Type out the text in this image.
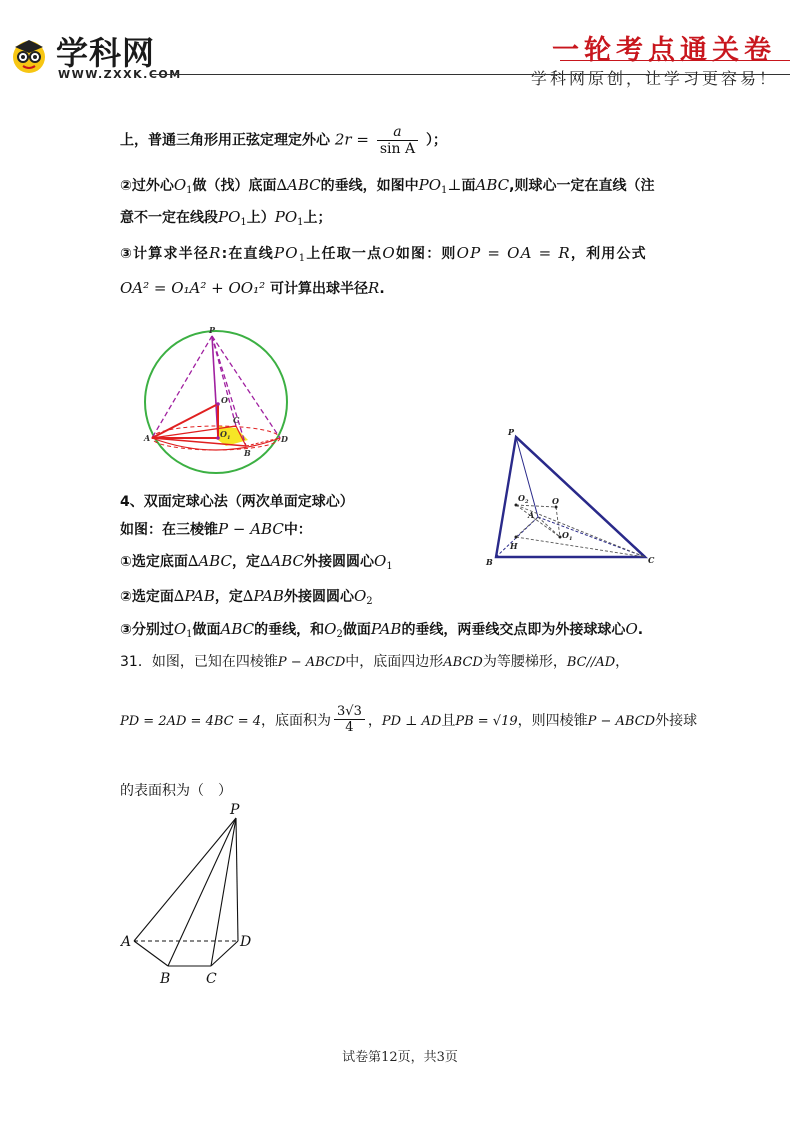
学科网
WWW.ZXXK.COM
一轮考点通关卷
学科网原创，让学习更容易！
上，普通三角形用正弦定理定外心 $2r = \frac{a}{\text{sin A}}$ ）；
②过外心$O_1$做（找）底面∆ABC的垂线，如图中$PO_1\perp$面ABC,则球心一定在直线（注
意不一定在线段$PO_1$上）$PO_1$上；
③计算求半径R:在直线$PO_1$上任取一点O如图：则OP = OA = R，利用公式
OA² = O₁A² + OO₁² 可计算出球半径R.
P
O
C
A	$O_1$
B
D
P
$O_2$	O
A
$O_1$
H
B	C
4、双面定球心法（两次单面定球心）
如图：在三棱锥P − ABC中：
①选定底面∆ABC，定∆ABC外接圆圆心$O_1$
②选定面∆PAB，定∆PAB外接圆圆心$O_2$
③分别过$O_1$做面ABC的垂线，和$O_2$做面PAB的垂线，两垂线交点即为外接球球心O.
31．如图，已知在四棱锥P − ABCD中，底面四边形ABCD为等腰梯形，BC//AD，
PD = 2AD = 4BC = 4，底面积为 $\frac{3√3}{4}$ ，PD ⊥ AD且PB = √19，则四棱锥P − ABCD外接球
的表面积为（　）
P
A	D
B	C
试卷第12页，共3页
